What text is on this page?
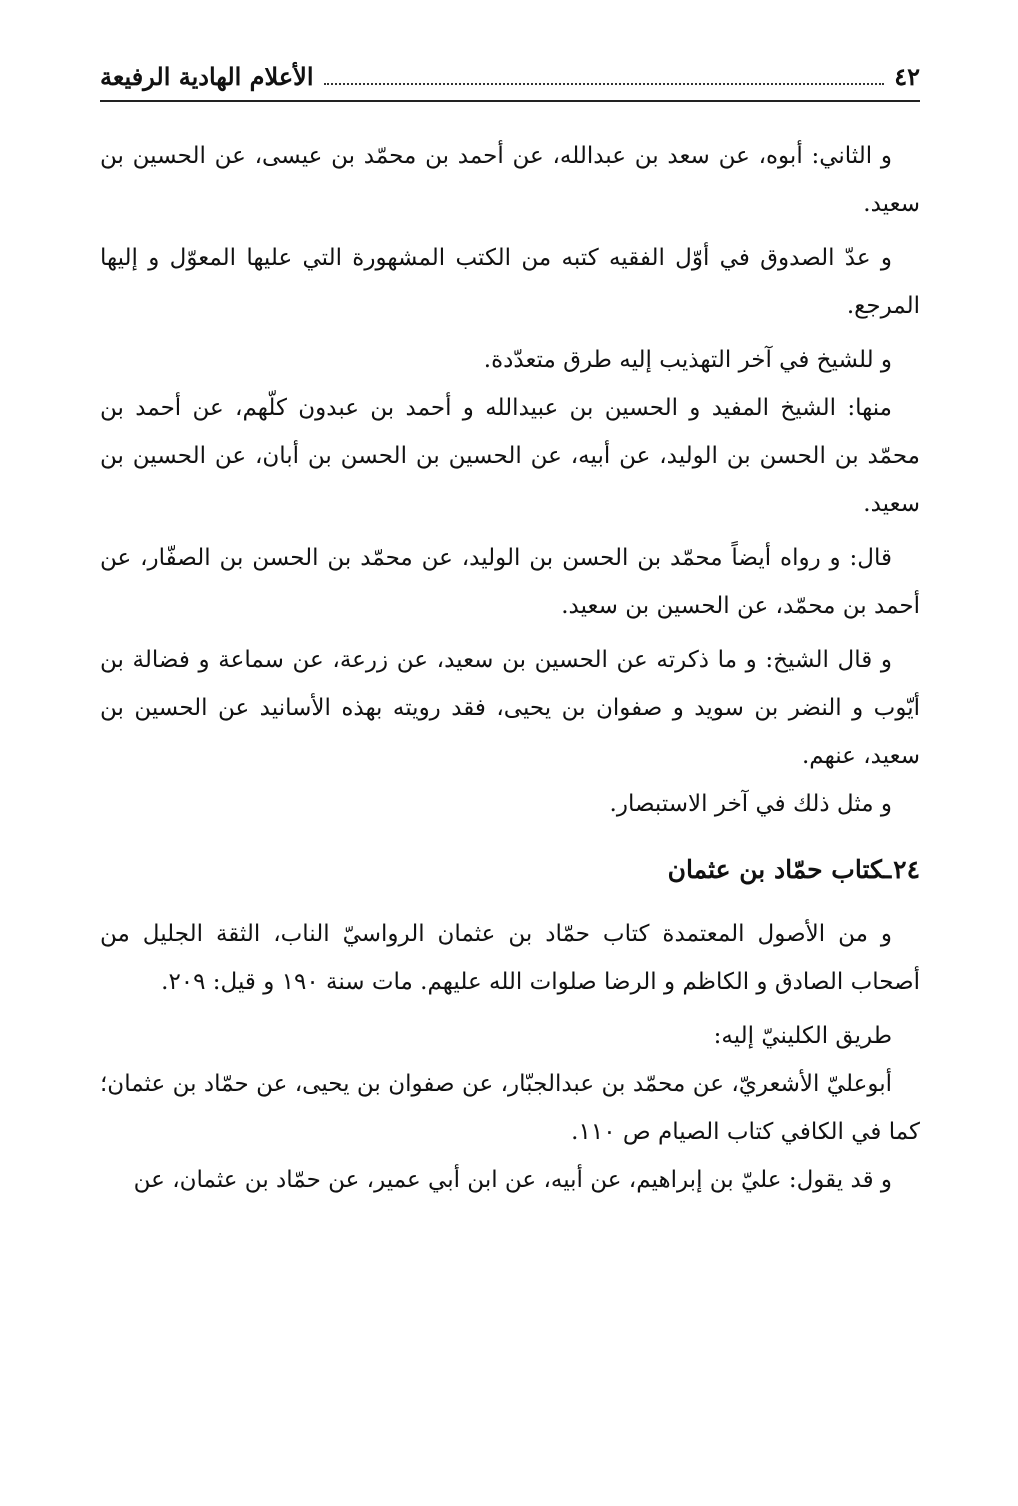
٤٢
الأعلام الهادية الرفيعة

و الثاني: أبوه، عن سعد بن عبدالله، عن أحمد بن محمّد بن عيسى، عن الحسين بن سعيد.

و عدّ الصدوق في أوّل الفقيه كتبه من الكتب المشهورة التي عليها المعوّل و إليها المرجع.

و للشيخ في آخر التهذيب إليه طرق متعدّدة.

منها: الشيخ المفيد و الحسين بن عبيدالله و أحمد بن عبدون كلّهم، عن أحمد بن محمّد بن الحسن بن الوليد، عن أبيه، عن الحسين بن الحسن بن أبان، عن الحسين بن سعيد.

قال: و رواه أيضاً محمّد بن الحسن بن الوليد، عن محمّد بن الحسن بن الصفّار، عن أحمد بن محمّد، عن الحسين بن سعيد.

و قال الشيخ: و ما ذكرته عن الحسين بن سعيد، عن زرعة، عن سماعة و فضالة بن أيّوب و النضر بن سويد و صفوان بن يحيى، فقد رويته بهذه الأسانيد عن الحسين بن سعيد، عنهم.

و مثل ذلك في آخر الاستبصار.

٢٤ـكتاب حمّاد بن عثمان

و من الأصول المعتمدة كتاب حمّاد بن عثمان الرواسيّ الناب، الثقة الجليل من أصحاب الصادق و الكاظم و الرضا صلوات الله عليهم. مات سنة ١٩٠ و قيل: ٢٠٩.

طريق الكلينيّ إليه:

أبوعليّ الأشعريّ، عن محمّد بن عبدالجبّار، عن صفوان بن يحيى، عن حمّاد بن عثمان؛ كما في الكافي كتاب الصيام ص ١١٠.

و قد يقول: عليّ بن إبراهيم، عن أبيه، عن ابن أبي عمير، عن حمّاد بن عثمان، عن
